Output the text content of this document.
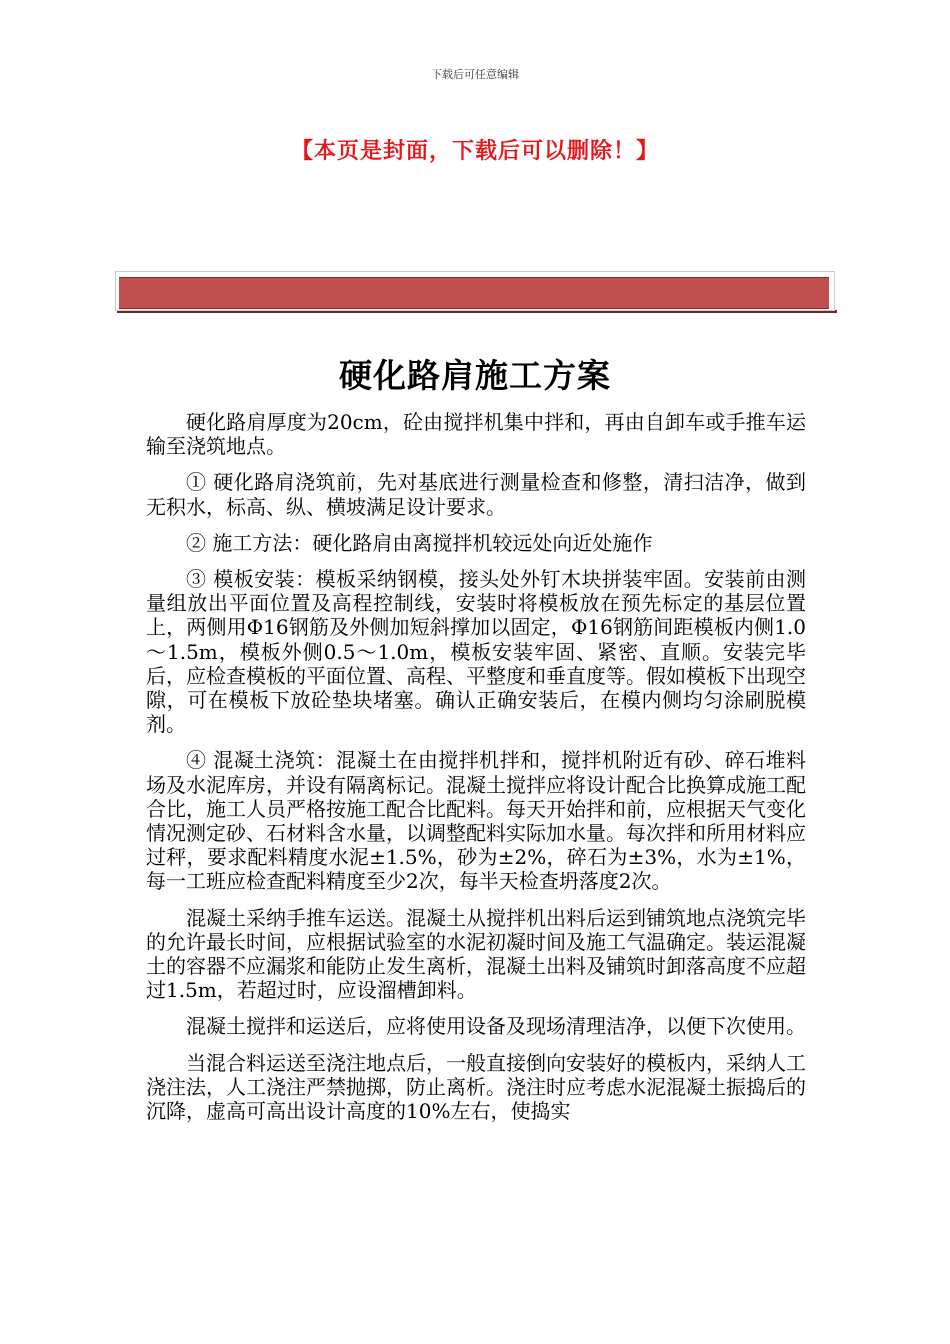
下载后可任意编辑
【本页是封面，下载后可以删除！】
硬化路肩施工方案

硬化路肩厚度为20cm，砼由搅拌机集中拌和，再由自卸车或手推车运输至浇筑地点。

① 硬化路肩浇筑前，先对基底进行测量检查和修整，清扫洁净，做到无积水，标高、纵、横坡满足设计要求。

② 施工方法：硬化路肩由离搅拌机较远处向近处施作

③ 模板安装：模板采纳钢模，接头处外钉木块拼装牢固。安装前由测量组放出平面位置及高程控制线，安装时将模板放在预先标定的基层位置上，两侧用Φ16钢筋及外侧加短斜撑加以固定，Φ16钢筋间距模板内侧1.0～1.5m，模板外侧0.5～1.0m，模板安装牢固、紧密、直顺。安装完毕后，应检查模板的平面位置、高程、平整度和垂直度等。假如模板下出现空隙，可在模板下放砼垫块堵塞。确认正确安装后，在模内侧均匀涂刷脱模剂。

④ 混凝土浇筑：混凝土在由搅拌机拌和，搅拌机附近有砂、碎石堆料场及水泥库房，并设有隔离标记。混凝土搅拌应将设计配合比换算成施工配合比，施工人员严格按施工配合比配料。每天开始拌和前，应根据天气变化情况测定砂、石材料含水量，以调整配料实际加水量。每次拌和所用材料应过秤，要求配料精度水泥±1.5%，砂为±2%，碎石为±3%，水为±1%，每一工班应检查配料精度至少2次，每半天检查坍落度2次。

混凝土采纳手推车运送。混凝土从搅拌机出料后运到铺筑地点浇筑完毕的允许最长时间，应根据试验室的水泥初凝时间及施工气温确定。装运混凝土的容器不应漏浆和能防止发生离析，混凝土出料及铺筑时卸落高度不应超过1.5m，若超过时，应设溜槽卸料。

混凝土搅拌和运送后，应将使用设备及现场清理洁净，以便下次使用。

当混合料运送至浇注地点后，一般直接倒向安装好的模板内，采纳人工浇注法，人工浇注严禁抛掷，防止离析。浇注时应考虑水泥混凝土振捣后的沉降，虚高可高出设计高度的10%左右，使捣实
